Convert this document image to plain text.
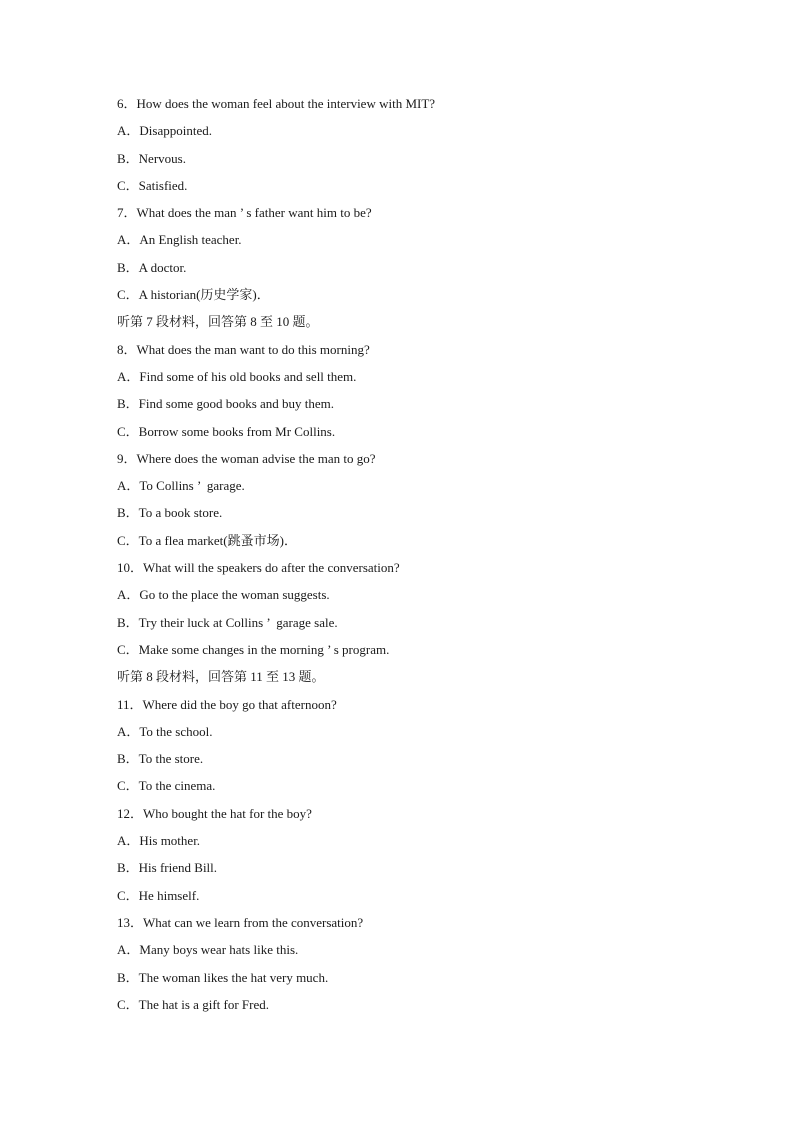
6．How does the woman feel about the interview with MIT?
A．Disappointed.
B．Nervous.
C．Satisfied.
7．What does the man ’ s father want him to be?
A．An English teacher.
B．A doctor.
C．A historian(历史学家)．
听第 7 段材料，回答第 8 至 10 题。
8．What does the man want to do this morning?
A．Find some of his old books and sell them.
B．Find some good books and buy them.
C．Borrow some books from Mr Collins.
9．Where does the woman advise the man to go?
A．To Collins ’  garage.
B．To a book store.
C．To a flea market(跳蚤市场)．
10．What will the speakers do after the conversation?
A．Go to the place the woman suggests.
B．Try their luck at Collins ’  garage sale.
C．Make some changes in the morning ’ s program.
听第 8 段材料，回答第 11 至 13 题。
11．Where did the boy go that afternoon?
A．To the school.
B．To the store.
C．To the cinema.
12．Who bought the hat for the boy?
A．His mother.
B．His friend Bill.
C．He himself.
13．What can we learn from the conversation?
A．Many boys wear hats like this.
B．The woman likes the hat very much.
C．The hat is a gift for Fred.
